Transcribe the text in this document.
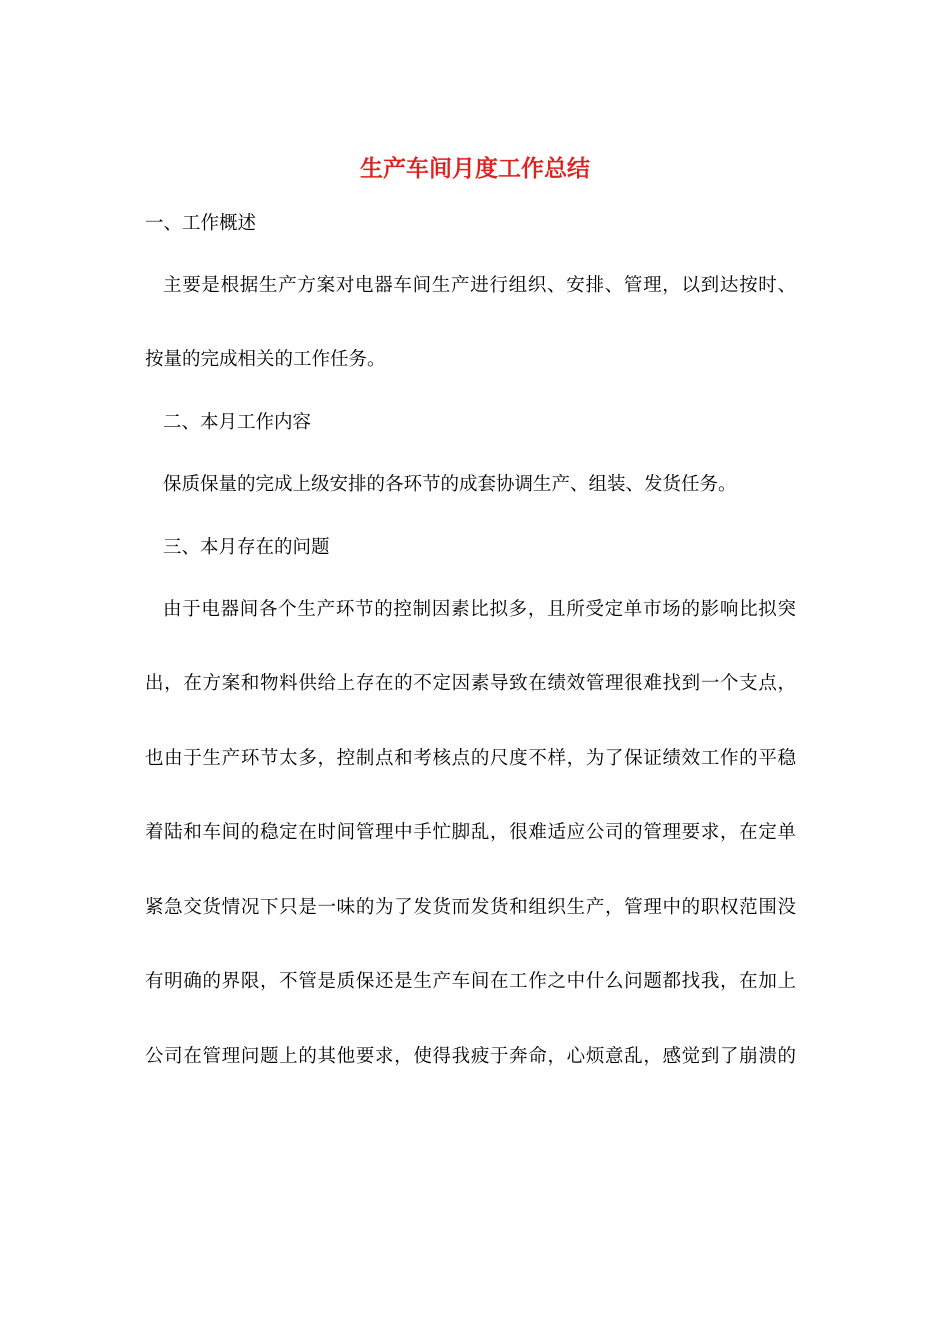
生产车间月度工作总结

一、工作概述

主要是根据生产方案对电器车间生产进行组织、安排、管理，以到达按时、

按量的完成相关的工作任务。

二、本月工作内容

保质保量的完成上级安排的各环节的成套协调生产、组装、发货任务。

三、本月存在的问题

由于电器间各个生产环节的控制因素比拟多，且所受定单市场的影响比拟突

出，在方案和物料供给上存在的不定因素导致在绩效管理很难找到一个支点，

也由于生产环节太多，控制点和考核点的尺度不样，为了保证绩效工作的平稳

着陆和车间的稳定在时间管理中手忙脚乱，很难适应公司的管理要求，在定单

紧急交货情况下只是一味的为了发货而发货和组织生产，管理中的职权范围没

有明确的界限，不管是质保还是生产车间在工作之中什么问题都找我，在加上

公司在管理问题上的其他要求，使得我疲于奔命，心烦意乱，感觉到了崩溃的
